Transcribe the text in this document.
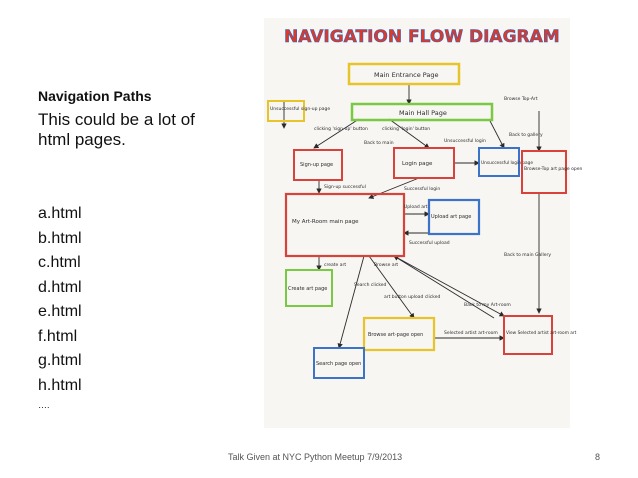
Navigation Paths
This could be a lot of html pages.
a.html
b.html
c.html
d.html
e.html
f.html
g.html
h.html
….
NAVIGATION FLOW DIAGRAM
Main Entrance Page
Main Hall Page
Unsuccessful sign-up page
Sign-up page	Login page	Unsuccessful login page
Browse-Top art page open
My Art-Room main page
Upload art page
Create art page
Browse art-page open	View Selected artist art-room art
Search page open
clicking 'sign-up' button
Back to main
clicking 'login' button
Unsuccessful login
Browse Top-Art
Back to gallery
Sign-up successful	Successful login
Upload art
Successful upload
create art	Browse art
Search clicked
art button upload clicked
Back to my Art-room
Back to main Gallery
Selected artist art-room
Talk Given at NYC Python Meetup 7/9/2013	8
